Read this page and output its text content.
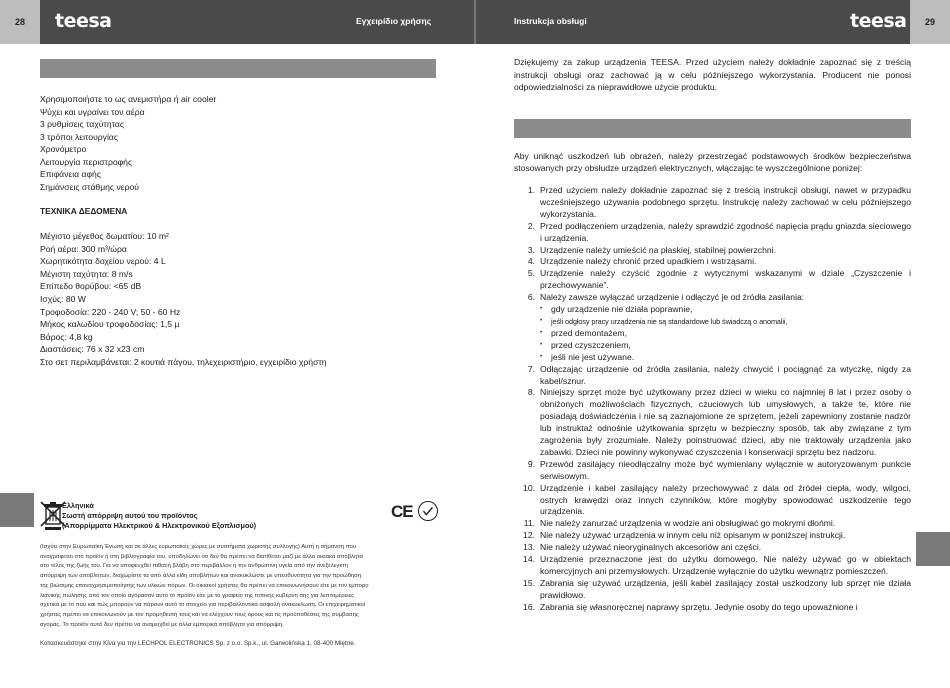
28	teesa	Εγχειρίδιο χρήσης	Instrukcja obsługi	teesa	29
Χρησιμοποιήστε το ως ανεμιστήρα ή air cooler
Ψύχει και υγραίνει τον αέρα
3 ρυθμίσεις ταχύτητας
3 τρόποι λειτουργίας
Χρονόμετρο
Λειτουργία περιστροφής
Επιφάνεια αφής
Σημάνσεις στάθμης νερού
ΤΕΧΝΙΚΑ ΔΕΔΟΜΕΝΑ
Μέγιστο μέγεθος δωματίου: 10 m²
Ροή αέρα: 300 m³/ώρα
Χωρητικότητα δοχείου νερού: 4 L
Μέγιστη ταχύτητα: 8 m/s
Επίπεδο θορύβου: <65 dB
Ισχύς: 80 W
Τροφοδοσία: 220 - 240 V; 50 - 60 Hz
Μήκος καλωδίου τροφοδοσίας: 1,5 µ
Βάρος: 4,8 kg
Διαστάσεις: 76 x 32 x23 cm
Στο σετ περιλαμβάνεται: 2 κουτιά πάγου, τηλεχειριστήριο, εγχειρίδιο χρήστη
Ελληνικά
Σωστή απόρριψη αυτού του προϊόντος
(Απορρίμματα Ηλεκτρικού & Ηλεκτρονικού Εξοπλισμού)
CE
(Ισχύει στην Ευρωπαϊκή Ένωση και σε άλλες ευρωπαϊκές χώρες με συστήματα χωριστής συλλογής) Αυτή η σήμανση που
αναγράφεται στο προϊόν ή στη βιβλιογραφία του, υποδηλώνει ότι δεν θα πρέπει να διατίθεται μαζί με άλλα οικιακά απόβλητα
στο τέλος της ζωής του. Για να αποφευχθεί πιθανή βλάβη στο περιβάλλον ή την ανθρώπινη υγεία από την ανεξέλεγκτη
απόρριψη των αποβλήτων, διαχωρίστε τα από άλλα είδη αποβλήτων και ανακυκλώστε με υπευθυνότητα για την προώθηση
της βιώσιμης επαναχρησιμοποίησης των υλικών πόρων. Οι οικιακοί χρήστες θα πρέπει να επικοινωνήσουν είτε με τον έμπορο
λιανικής πώλησης από τον οποίο αγόρασαν αυτό το προϊόν είτε με το γραφείο της τοπικής κυβέρνη σης για λεπτομέρειες
σχετικά με το πού και πώς μπορούν να πάρουν αυτό το στοιχείο για περιβαλλοντικά ασφαλή ανακύκλωση. Οι επιχειρηματικοί
χρήστες πρέπει να επικοινωνούν με τον προμηθευτή τους και να ελέγχουν τους όρους και τις προϋποθέσεις της σύμβασης
αγοράς. Το προϊόν αυτό δεν πρέπει να αναμειχθεί με άλλα εμπορικά απόβλητα για απόρριψη.
Κατασκευάστηκε στην Κίνα για την LECHPOL ELECTRONICS Sp. z o.o. Sp.k., ul. Garwolińska 1, 08-400 Miętne.
Dziękujemy za zakup urządzenia TEESA. Przed użyciem należy dokładnie zapoznać się z treścią instrukcji obsługi oraz zachować ją w celu późniejszego wykorzystania. Producent nie ponosi odpowiedzialności za nieprawidłowe użycie produktu.
Aby uniknąć uszkodzeń lub obrażeń, należy przestrzegać podstawowych środków bezpieczeństwa stosowanych przy obsłudze urządzeń elektrycznych, włączając te wyszczególnione poniżej:
1. Przed użyciem należy dokładnie zapoznać się z treścią instrukcji obsługi, nawet w przypadku wcześniejszego używania podobnego sprzętu. Instrukcję należy zachować w celu późniejszego wykorzystania.
2. Przed podłączeniem urządzenia, należy sprawdzić zgodność napięcia prądu gniazda sieciowego i urządzenia.
3. Urządzenie należy umieścić na płaskiej, stabilnej powierzchni.
4. Urządzenie należy chronić przed upadkiem i wstrząsami.
5. Urządzenie należy czyścić zgodnie z wytycznymi wskazanymi w dziale „Czyszczenie i przechowywanie”.
6. Należy zawsze wyłączać urządzenie i odłączyć je od źródła zasilania:
•	gdy urządzenie nie działa poprawnie,
•	jeśli odgłosy pracy urządzenia nie są standardowe lub świadczą o anomalii,
•	przed demontażem,
•	przed czyszczeniem,
•	jeśli nie jest używane.
7. Odłączając urządzenie od źródła zasilania, należy chwycić i pociągnąć za wtyczkę, nigdy za kabel/sznur.
8. Niniejszy sprzęt może być użytkowany przez dzieci w wieku co najmniej 8 lat i przez osoby o obniżonych możliwościach fizycznych, czuciowych lub umysłowych, a także te, które nie posiadają doświadczenia i nie są zaznajomione ze sprzętem, jeżeli zapewniony zostanie nadzór lub instruktaż odnośnie użytkowania sprzętu w bezpieczny sposób, tak aby związane z tym zagrożenia były zrozumiałe. Należy poinstruować dzieci, aby nie traktowały urządzenia jako zabawki. Dzieci nie powinny wykonywać czyszczenia i konserwacji sprzętu bez nadzoru.
9. Przewód zasilający nieodłączalny może być wymieniany wyłącznie w autoryzowanym punkcie serwisowym.
10. Urządzenie i kabel zasilający należy przechowywać z dala od źródeł ciepła, wody, wilgoci, ostrych krawędzi oraz innych czynników, które mogłyby spowodować uszkodzenie tego urządzenia.
11. Nie należy zanurzać urządzenia w wodzie ani obsługiwać go mokrymi dłońmi.
12. Nie należy używać urządzenia w innym celu niż opisanym w poniższej instrukcji.
13. Nie należy używać nieoryginalnych akcesoriów ani części.
14. Urządzenie przeznaczone jest do użytku domowego. Nie należy używać go w obiektach komercyjnych ani przemysłowych. Urządzenie wyłącznie do użytku wewnątrz pomieszczeń.
15. Zabrania się używać urządzenia, jeśli kabel zasilający został uszkodzony lub sprzęt nie działa prawidłowo.
16. Zabrania się własnoręcznej naprawy sprzętu. Jedynie osoby do tego upoważnione i
